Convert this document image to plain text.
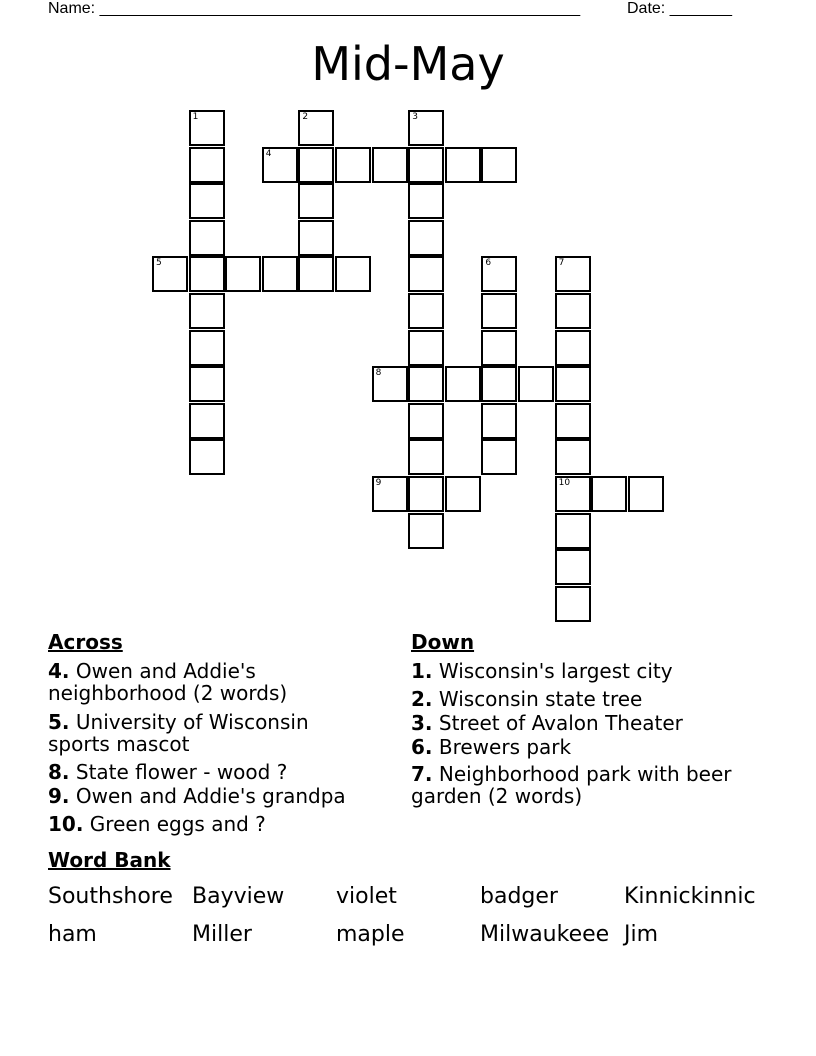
Name: ______________________________________________________	Date: _______
Mid-May
1	2	3
6	7
10
4
5
8
9
Across
4. Owen and Addie's neighborhood (2 words)
5. University of Wisconsin sports mascot
8. State flower - wood ?
9. Owen and Addie's grandpa
10. Green eggs and ?
Down
1. Wisconsin's largest city
2. Wisconsin state tree
3. Street of Avalon Theater
6. Brewers park
7. Neighborhood park with beer garden (2 words)
Word Bank
Southshore Bayview violet	badger	Kinnickinnic
ham	Miller	maple	Milwaukeee Jim
